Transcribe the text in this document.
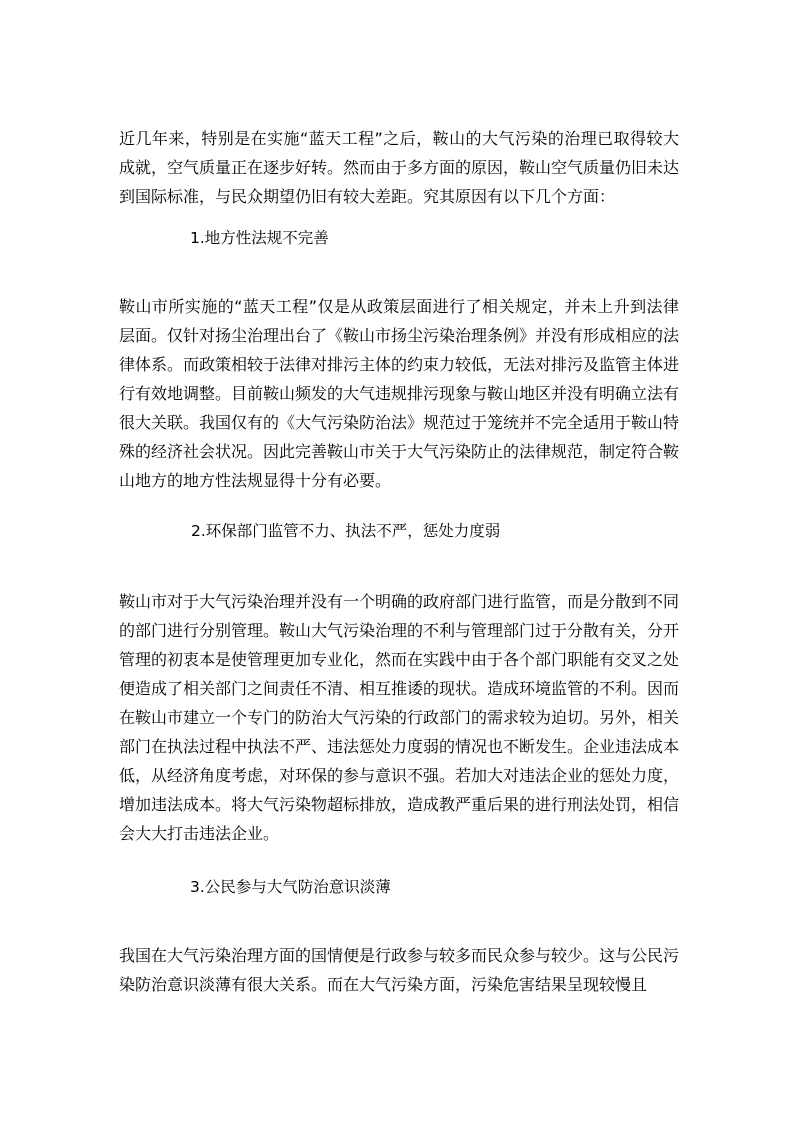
近几年来，特别是在实施“蓝天工程”之后，鞍山的大气污染的治理已取得较大成就，空气质量正在逐步好转。然而由于多方面的原因，鞍山空气质量仍旧未达到国际标准，与民众期望仍旧有较大差距。究其原因有以下几个方面：
1.地方性法规不完善
鞍山市所实施的“蓝天工程”仅是从政策层面进行了相关规定，并未上升到法律层面。仅针对扬尘治理出台了《鞍山市扬尘污染治理条例》并没有形成相应的法律体系。而政策相较于法律对排污主体的约束力较低，无法对排污及监管主体进行有效地调整。目前鞍山频发的大气违规排污现象与鞍山地区并没有明确立法有很大关联。我国仅有的《大气污染防治法》规范过于笼统并不完全适用于鞍山特殊的经济社会状况。因此完善鞍山市关于大气污染防止的法律规范，制定符合鞍山地方的地方性法规显得十分有必要。
2.环保部门监管不力、执法不严，惩处力度弱
鞍山市对于大气污染治理并没有一个明确的政府部门进行监管，而是分散到不同的部门进行分别管理。鞍山大气污染治理的不利与管理部门过于分散有关，分开管理的初衷本是使管理更加专业化，然而在实践中由于各个部门职能有交叉之处便造成了相关部门之间责任不清、相互推诿的现状。造成环境监管的不利。因而在鞍山市建立一个专门的防治大气污染的行政部门的需求较为迫切。另外，相关部门在执法过程中执法不严、违法惩处力度弱的情况也不断发生。企业违法成本低，从经济角度考虑，对环保的参与意识不强。若加大对违法企业的惩处力度，增加违法成本。将大气污染物超标排放，造成教严重后果的进行刑法处罚，相信会大大打击违法企业。
3.公民参与大气防治意识淡薄
我国在大气污染治理方面的国情便是行政参与较多而民众参与较少。这与公民污染防治意识淡薄有很大关系。而在大气污染方面，污染危害结果呈现较慢且
